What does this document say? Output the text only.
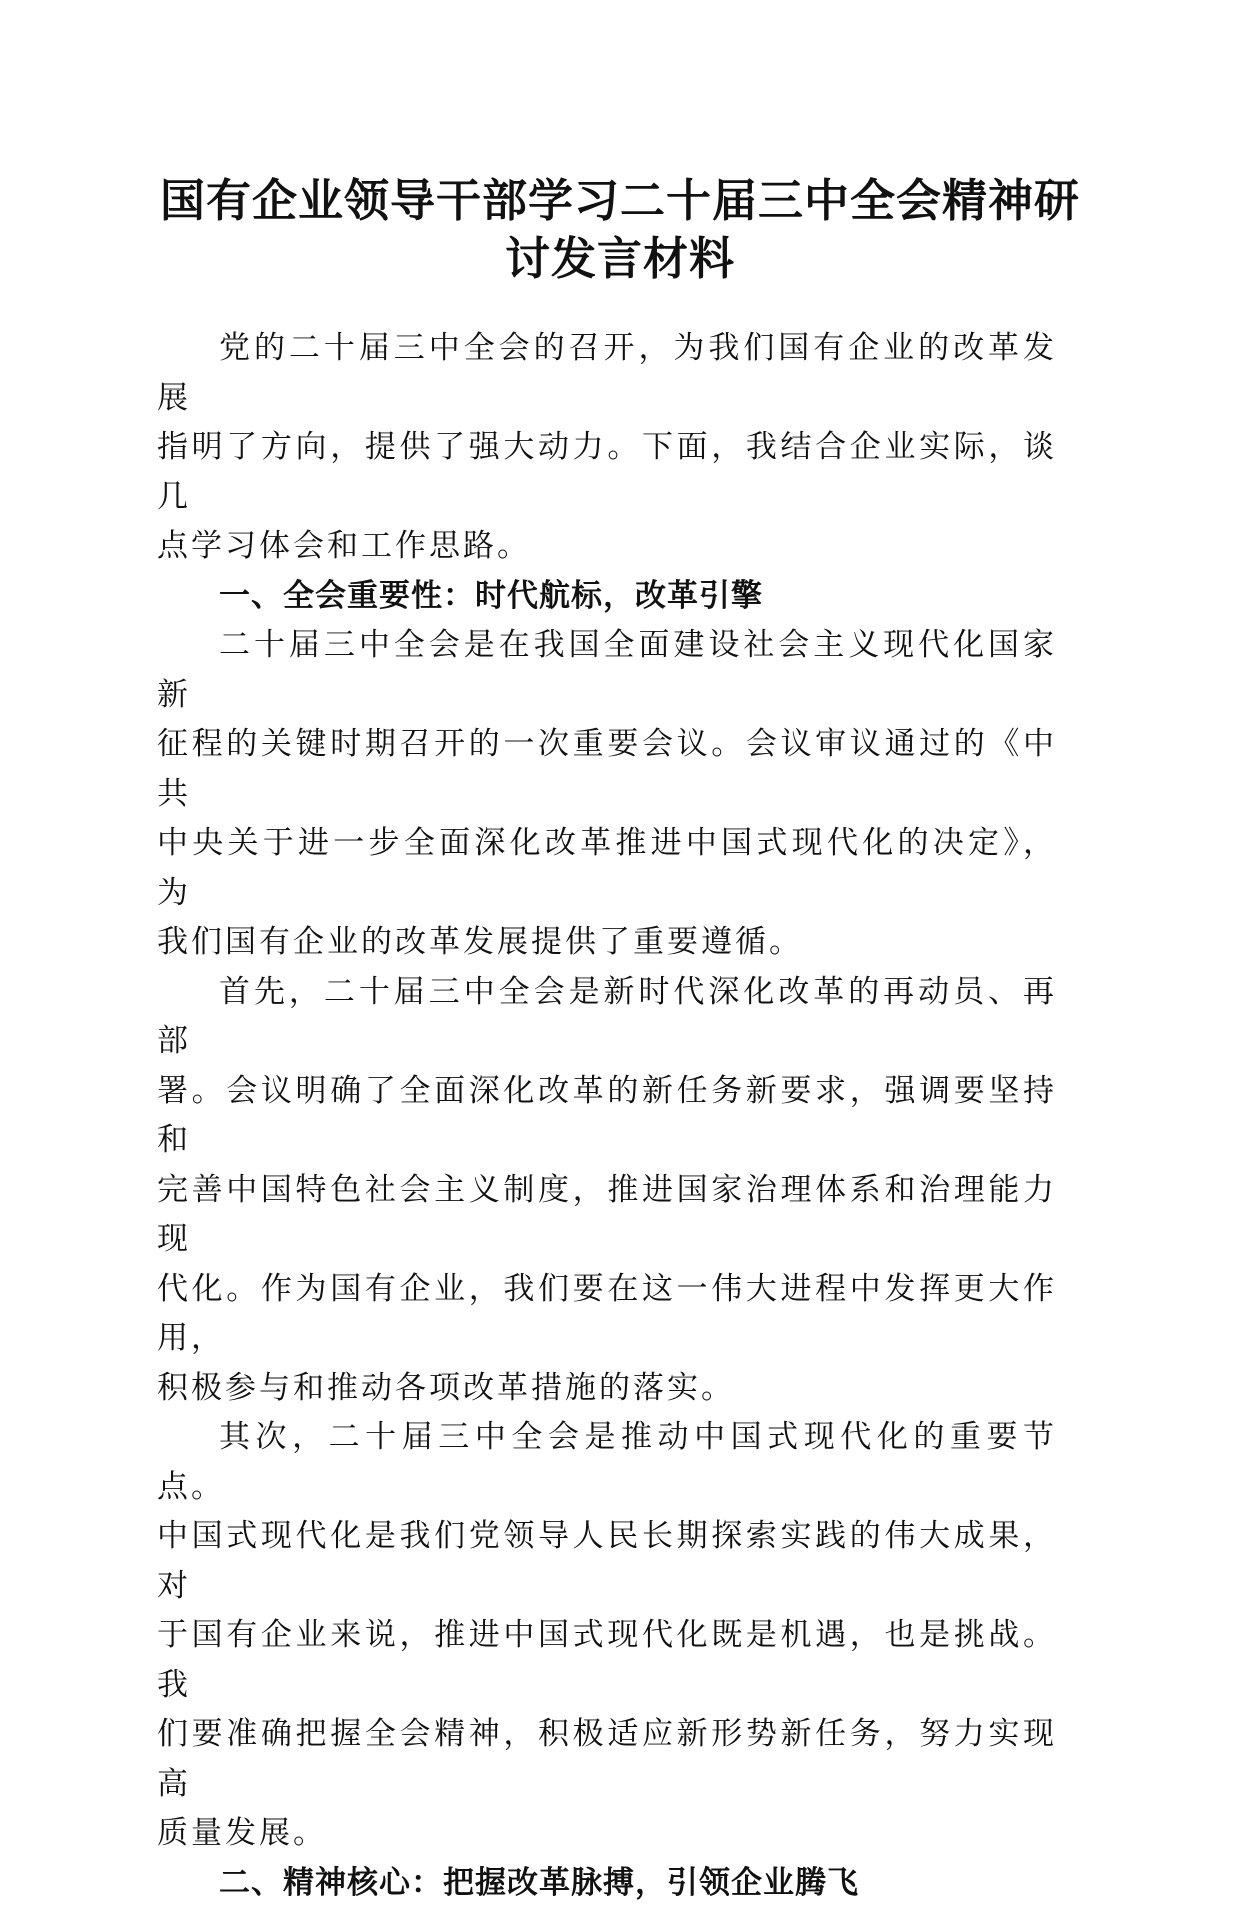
国有企业领导干部学习二十届三中全会精神研
讨发言材料

党的二十届三中全会的召开，为我们国有企业的改革发展
指明了方向，提供了强大动力。下面，我结合企业实际，谈几
点学习体会和工作思路。

一、全会重要性：时代航标，改革引擎

二十届三中全会是在我国全面建设社会主义现代化国家新
征程的关键时期召开的一次重要会议。会议审议通过的《中共
中央关于进一步全面深化改革推进中国式现代化的决定》，为
我们国有企业的改革发展提供了重要遵循。

首先，二十届三中全会是新时代深化改革的再动员、再部
署。会议明确了全面深化改革的新任务新要求，强调要坚持和
完善中国特色社会主义制度，推进国家治理体系和治理能力现
代化。作为国有企业，我们要在这一伟大进程中发挥更大作用，
积极参与和推动各项改革措施的落实。

其次，二十届三中全会是推动中国式现代化的重要节点。
中国式现代化是我们党领导人民长期探索实践的伟大成果，对
于国有企业来说，推进中国式现代化既是机遇，也是挑战。我
们要准确把握全会精神，积极适应新形势新任务，努力实现高
质量发展。

二、精神核心：把握改革脉搏，引领企业腾飞
